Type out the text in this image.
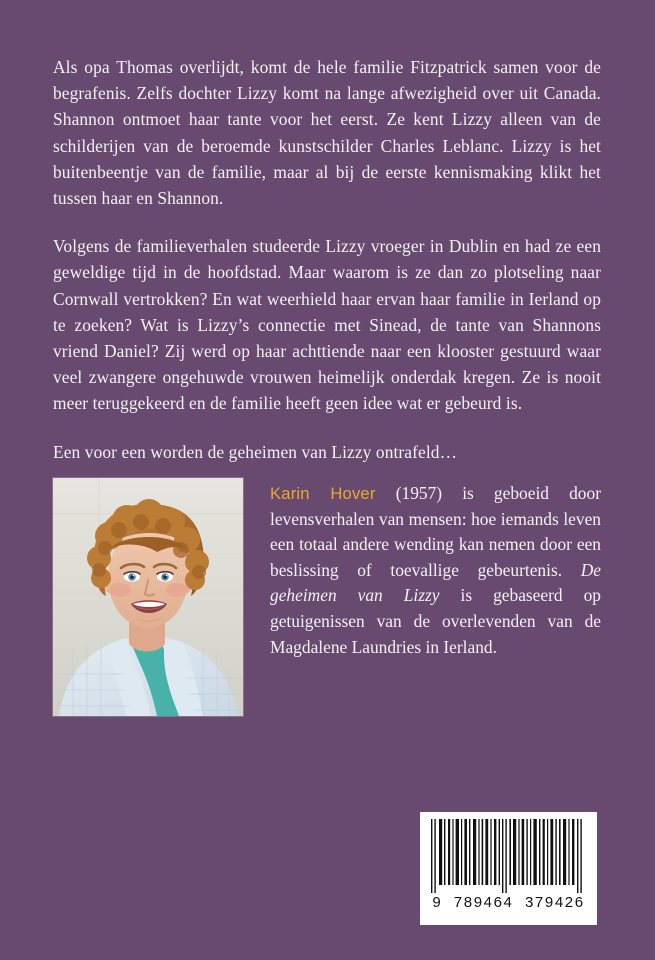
Als opa Thomas overlijdt, komt de hele familie Fitzpatrick samen voor de begrafenis. Zelfs dochter Lizzy komt na lange afwezigheid over uit Canada. Shannon ontmoet haar tante voor het eerst. Ze kent Lizzy alleen van de schilderijen van de beroemde kunstschilder Charles Leblanc. Lizzy is het buitenbeentje van de familie, maar al bij de eerste kennismaking klikt het tussen haar en Shannon.

Volgens de familieverhalen studeerde Lizzy vroeger in Dublin en had ze een geweldige tijd in de hoofdstad. Maar waarom is ze dan zo plotseling naar Cornwall vertrokken? En wat weerhield haar ervan haar familie in Ierland op te zoeken? Wat is Lizzy’s connectie met Sinead, de tante van Shannons vriend Daniel? Zij werd op haar achttiende naar een klooster gestuurd waar veel zwangere ongehuwde vrouwen heimelijk onderdak kregen. Ze is nooit meer teruggekeerd en de familie heeft geen idee wat er gebeurd is.

Een voor een worden de geheimen van Lizzy ontrafeld…

Karin Hover (1957) is geboeid door levensverhalen van mensen: hoe iemands leven een totaal andere wending kan nemen door een beslissing of toevallige gebeurtenis. De geheimen van Lizzy is gebaseerd op getuigenissen van de overlevenden van de Magdalene Laundries in Ierland.
9  789464  379426
